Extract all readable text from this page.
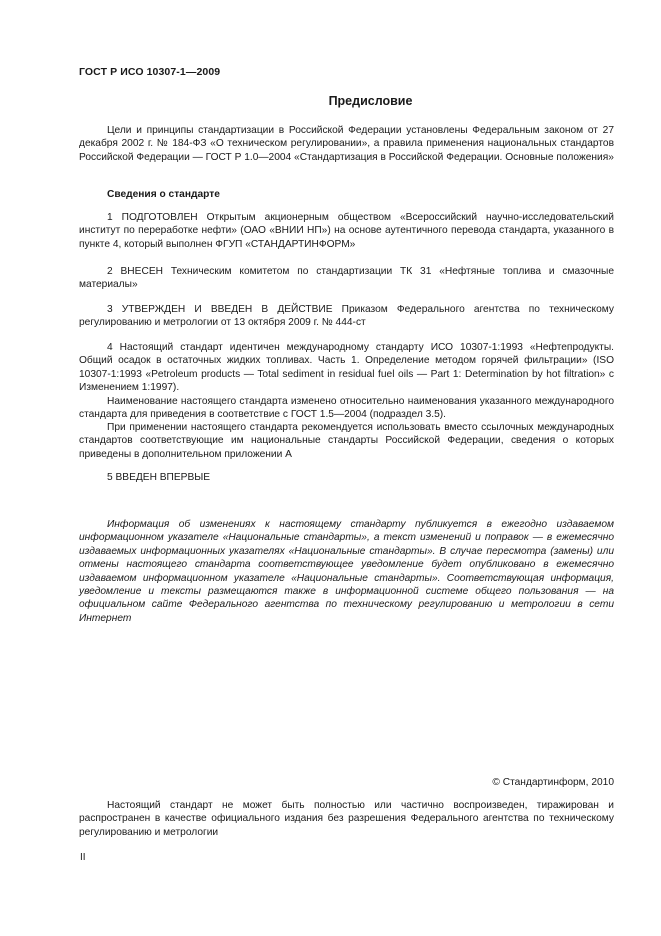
ГОСТ Р ИСО 10307-1—2009
Предисловие

Цели и принципы стандартизации в Российской Федерации установлены Федеральным законом от 27 декабря 2002 г. № 184-ФЗ «О техническом регулировании», а правила применения национальных стандартов Российской Федерации — ГОСТ Р 1.0—2004 «Стандартизация в Российской Федерации. Основные положения»

Сведения о стандарте

1 ПОДГОТОВЛЕН Открытым акционерным обществом «Всероссийский научно-исследовательский институт по переработке нефти» (ОАО «ВНИИ НП») на основе аутентичного перевода стандарта, указанного в пункте 4, который выполнен ФГУП «СТАНДАРТИНФОРМ»

2 ВНЕСЕН Техническим комитетом по стандартизации ТК 31 «Нефтяные топлива и смазочные материалы»

3 УТВЕРЖДЕН И ВВЕДЕН В ДЕЙСТВИЕ Приказом Федерального агентства по техническому регулированию и метрологии от 13 октября 2009 г. № 444-ст

4 Настоящий стандарт идентичен международному стандарту ИСО 10307-1:1993 «Нефтепродукты. Общий осадок в остаточных жидких топливах. Часть 1. Определение методом горячей фильтрации» (ISO 10307-1:1993 «Petroleum products — Total sediment in residual fuel oils — Part 1: Determination by hot filtration» с Изменением 1:1997).

Наименование настоящего стандарта изменено относительно наименования указанного международного стандарта для приведения в соответствие с ГОСТ 1.5—2004 (подраздел 3.5).

При применении настоящего стандарта рекомендуется использовать вместо ссылочных международных стандартов соответствующие им национальные стандарты Российской Федерации, сведения о которых приведены в дополнительном приложении А

5 ВВЕДЕН ВПЕРВЫЕ

Информация об изменениях к настоящему стандарту публикуется в ежегодно издаваемом информационном указателе «Национальные стандарты», а текст изменений и поправок — в ежемесячно издаваемых информационных указателях «Национальные стандарты». В случае пересмотра (замены) или отмены настоящего стандарта соответствующее уведомление будет опубликовано в ежемесячно издаваемом информационном указателе «Национальные стандарты». Соответствующая информация, уведомление и тексты размещаются также в информационной системе общего пользования — на официальном сайте Федерального агентства по техническому регулированию и метрологии в сети Интернет

© Стандартинформ, 2010

Настоящий стандарт не может быть полностью или частично воспроизведен, тиражирован и распространен в качестве официального издания без разрешения Федерального агентства по техническому регулированию и метрологии

II
